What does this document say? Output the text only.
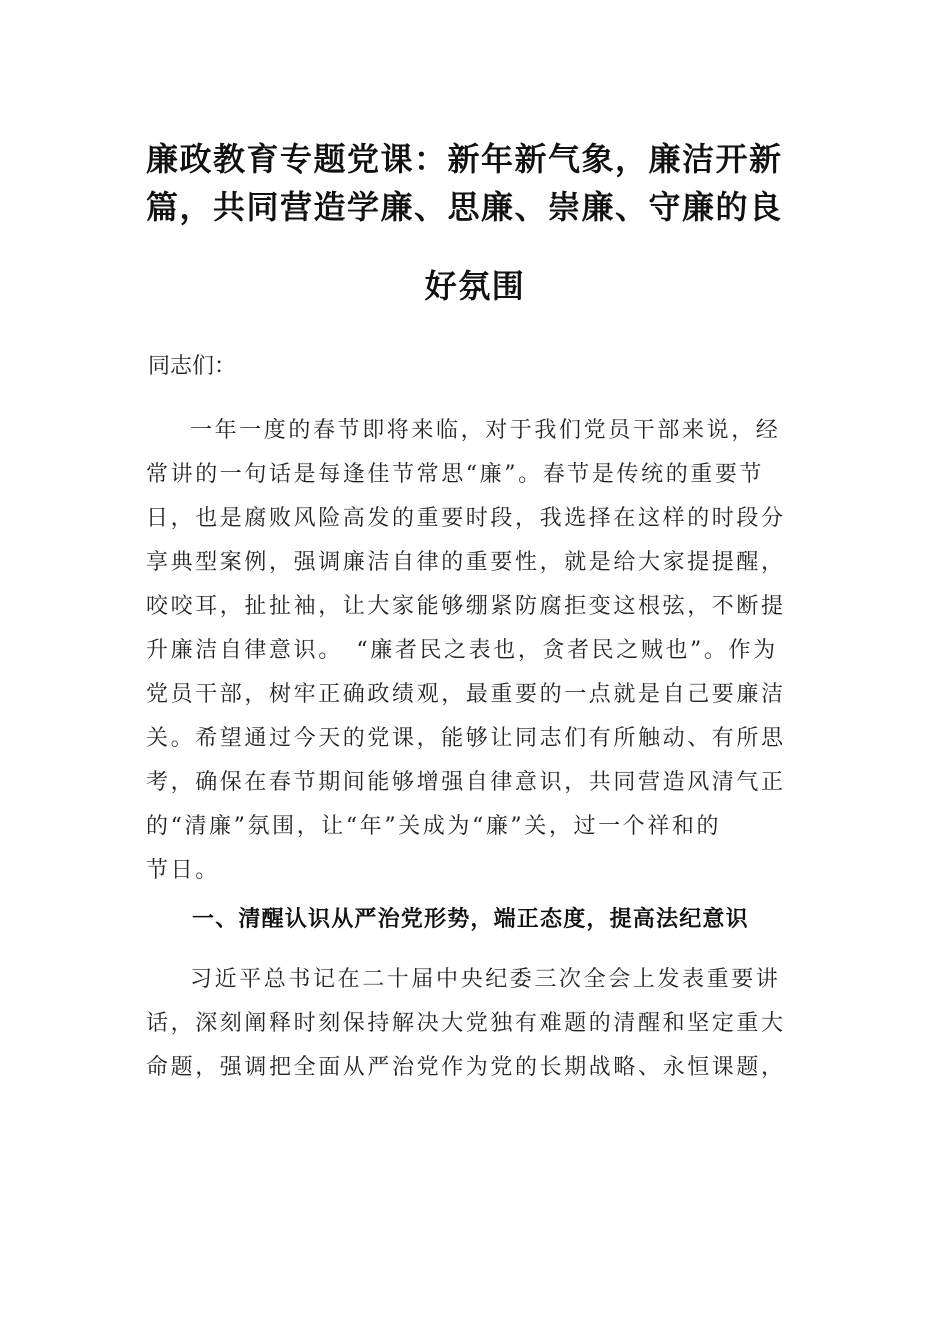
廉政教育专题党课：新年新气象，廉洁开新
篇，共同营造学廉、思廉、崇廉、守廉的良
好氛围
同志们：
一年一度的春节即将来临，对于我们党员干部来说，经
常讲的一句话是每逢佳节常思“廉”。春节是传统的重要节
日，也是腐败风险高发的重要时段，我选择在这样的时段分
享典型案例，强调廉洁自律的重要性，就是给大家提提醒，
咬咬耳，扯扯袖，让大家能够绷紧防腐拒变这根弦，不断提
升廉洁自律意识。　“廉者民之表也，贪者民之贼也”。作为
党员干部，树牢正确政绩观，最重要的一点就是自己要廉洁
关。希望通过今天的党课，能够让同志们有所触动、有所思
考，确保在春节期间能够增强自律意识，共同营造风清气正
的“清廉”氛围，让“年”关成为“廉”关，过一个祥和的
节日。
一、清醒认识从严治党形势，端正态度，提高法纪意识
习近平总书记在二十届中央纪委三次全会上发表重要讲
话，深刻阐释时刻保持解决大党独有难题的清醒和坚定重大
命题，强调把全面从严治党作为党的长期战略、永恒课题，
